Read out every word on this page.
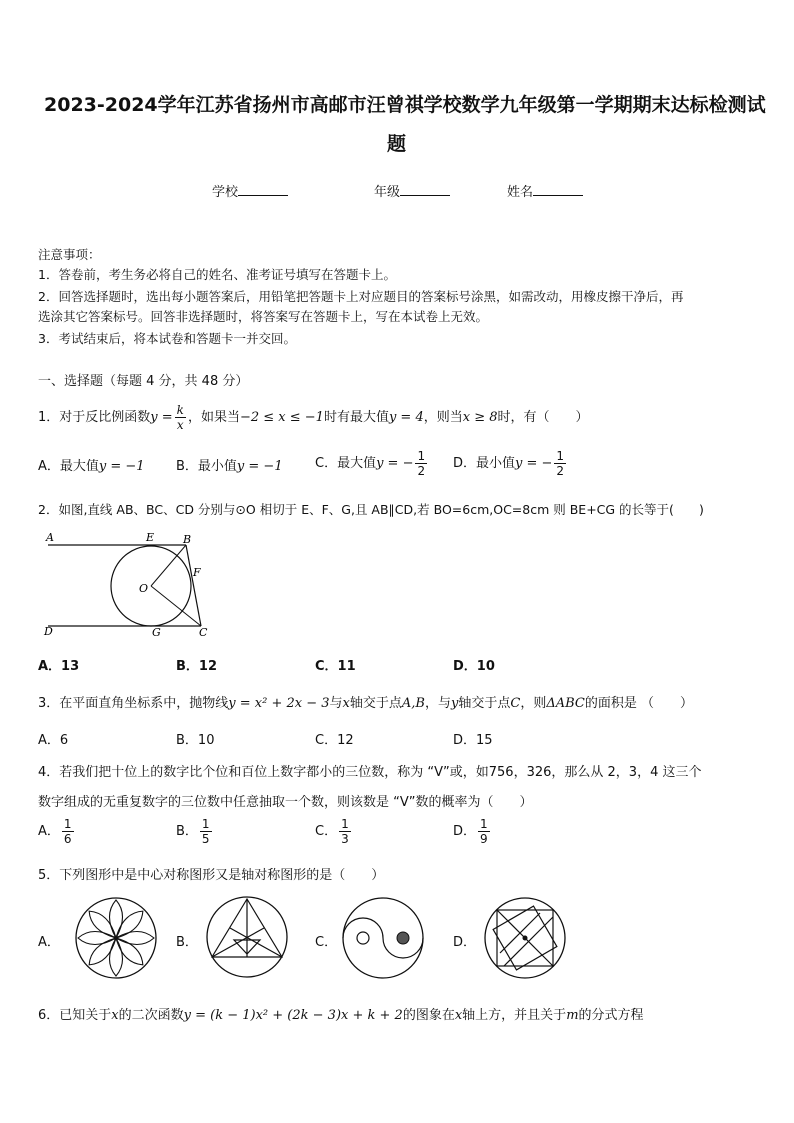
2023-2024学年江苏省扬州市高邮市汪曾祺学校数学九年级第一学期期末达标检测试
题
学校	年级	姓名
注意事项：
1．答卷前，考生务必将自己的姓名、准考证号填写在答题卡上。
2．回答选择题时，选出每小题答案后，用铅笔把答题卡上对应题目的答案标号涂黑，如需改动，用橡皮擦干净后，再
选涂其它答案标号。回答非选择题时，将答案写在答题卡上，写在本试卷上无效。
3．考试结束后，将本试卷和答题卡一并交回。
一、选择题（每题 4 分，共 48 分）
1．对于反比例函数$y = \frac{k}{x}$ ，如果当−2 ≤ x ≤ −1时有最大值y = 4，则当x ≥ 8时，有（　　）
A．最大值y = −1 B．最小值y = −1 C．最大值y = − $\frac{1}{2}$ D．最小值y = − $\frac{1}{2}$
2．如图,直线 AB、BC、CD 分别与⊙O 相切于 E、F、G,且 AB∥CD,若 BO=6cm,OC=8cm 则 BE+CG 的长等于(　　)
A	E	B
O
F
D	G	C
A．13	B．12	C．11	D．10
3．在平面直角坐标系中，抛物线y = x² + 2x − 3与x轴交于点A,B，与y轴交于点C，则ΔABC的面积是 （　　）
A．6	B．10	C．12	D．15
4．若我们把十位上的数字比个位和百位上数字都小的三位数，称为 “V”或，如756，326，那么从 2，3，4 这三个
数字组成的无重复数字的三位数中任意抽取一个数，则该数是 “V”数的概率为（　　）
A． $\frac{1}{6}$	B． $\frac{1}{5}$	C． $\frac{1}{3}$	D． $\frac{1}{9}$
5．下列图形中是中心对称图形又是轴对称图形的是（　　）
A．	B．	C．	D．
6．已知关于x的二次函数y = (k − 1)x² + (2k − 3)x + k + 2的图象在x轴上方，并且关于m的分式方程
